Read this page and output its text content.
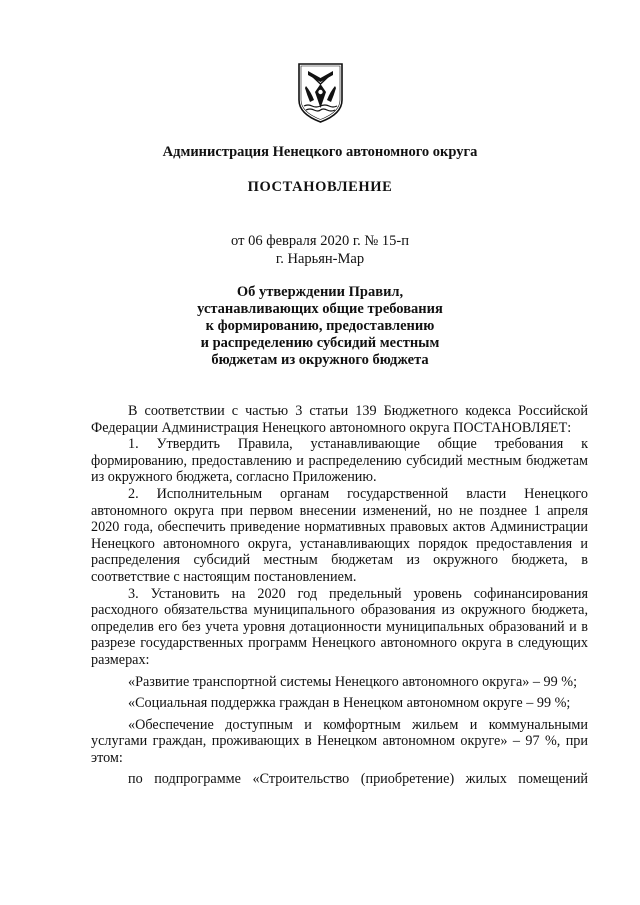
Администрация Ненецкого автономного округа
ПОСТАНОВЛЕНИЕ
от 06 февраля 2020 г. № 15-п
г. Нарьян-Мар
Об утверждении Правил,
устанавливающих общие требования
к формированию, предоставлению
и распределению субсидий местным
бюджетам из окружного бюджета

В соответствии с частью 3 статьи 139 Бюджетного кодекса Российской Федерации Администрация Ненецкого автономного округа ПОСТАНОВЛЯЕТ:

1. Утвердить Правила, устанавливающие общие требования к формированию, предоставлению и распределению субсидий местным бюджетам из окружного бюджета, согласно Приложению.

2. Исполнительным органам государственной власти Ненецкого автономного округа при первом внесении изменений, но не позднее 1 апреля 2020 года, обеспечить приведение нормативных правовых актов Администрации Ненецкого автономного округа, устанавливающих порядок предоставления и распределения субсидий местным бюджетам из окружного бюджета, в соответствие с настоящим постановлением.

3. Установить на 2020 год предельный уровень софинансирования расходного обязательства муниципального образования из окружного бюджета, определив его без учета уровня дотационности муниципальных образований и в разрезе государственных программ Ненецкого автономного округа в следующих размерах:

«Развитие транспортной системы Ненецкого автономного округа» – 99 %;

«Социальная поддержка граждан в Ненецком автономном округе – 99 %;

«Обеспечение доступным и комфортным жильем и коммунальными услугами граждан, проживающих в Ненецком автономном округе» – 97 %, при этом:

по подпрограмме «Строительство (приобретение) жилых помещений
